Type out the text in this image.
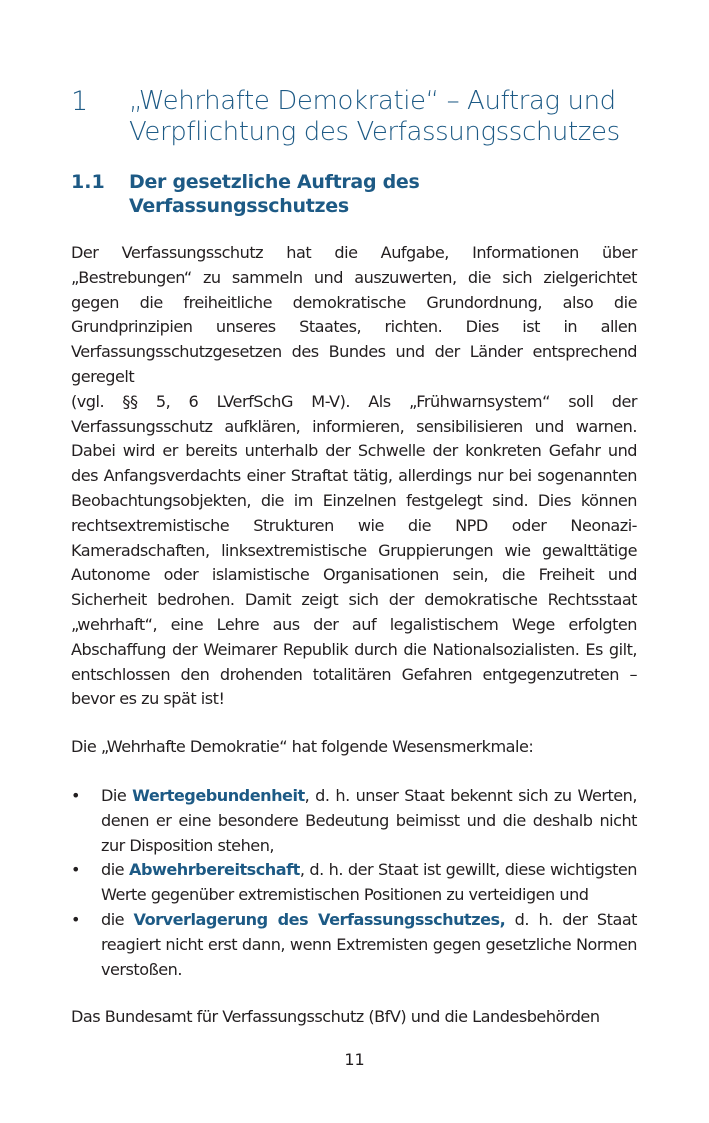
1	„Wehrhafte Demokratie“ – Auftrag und
Verpflichtung des Verfassungsschutzes
1.1	Der gesetzliche Auftrag des Verfassungsschutzes

Der Verfassungsschutz hat die Aufgabe, Informationen über „Bestrebungen“ zu sammeln und auszuwerten, die sich zielgerichtet gegen die freiheitliche demokratische Grundordnung, also die Grundprinzipien unseres Staates, richten. Dies ist in allen Verfassungsschutzgesetzen des Bundes und der Länder entsprechend geregelt
(vgl. §§ 5, 6 LVerfSchG M-V). Als „Frühwarnsystem“ soll der Verfassungsschutz aufklären, informieren, sensibilisieren und warnen. Dabei wird er bereits unterhalb der Schwelle der konkreten Gefahr und des Anfangsverdachts einer Straftat tätig, allerdings nur bei sogenannten Beobachtungsobjekten, die im Einzelnen festgelegt sind. Dies können rechtsextremistische Strukturen wie die NPD oder Neonazi-Kameradschaften, linksextremistische Gruppierungen wie gewalttätige Autonome oder islamistische Organisationen sein, die Freiheit und Sicherheit bedrohen. Damit zeigt sich der demokratische Rechtsstaat „wehrhaft“, eine Lehre aus der auf legalistischem Wege erfolgten Abschaffung der Weimarer Republik durch die Nationalsozialisten. Es gilt, entschlossen den drohenden totalitären Gefahren entgegenzutreten – bevor es zu spät ist!

Die „Wehrhafte Demokratie“ hat folgende Wesensmerkmale:

• Die Wertegebundenheit, d. h. unser Staat bekennt sich zu Werten, denen er eine besondere Bedeutung beimisst und die deshalb nicht zur Disposition stehen,
• die Abwehrbereitschaft, d. h. der Staat ist gewillt, diese wichtigsten Werte gegenüber extremistischen Positionen zu verteidigen und
• die Vorverlagerung des Verfassungsschutzes, d. h. der Staat reagiert nicht erst dann, wenn Extremisten gegen gesetzliche Normen verstoßen.

Das Bundesamt für Verfassungsschutz (BfV) und die Landesbehörden

11
